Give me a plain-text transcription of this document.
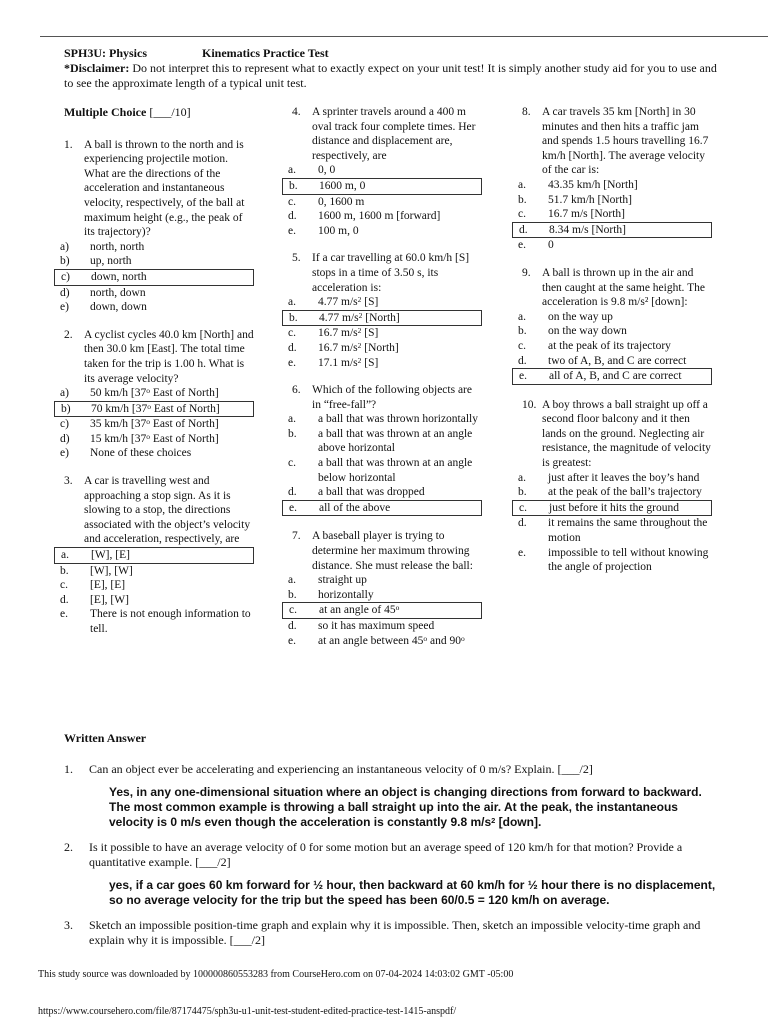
SPH3U: Physics	Kinematics Practice Test
*Disclaimer: Do not interpret this to represent what to exactly expect on your unit test! It is simply another study aid for you to use and to see the approximate length of a typical unit test.
Multiple Choice [___/10]
1. A ball is thrown to the north and is experiencing projectile motion. What are the directions of the acceleration and instantaneous velocity, respectively, of the ball at maximum height (e.g., the peak of its trajectory)?
a)	north, north
b)	up, north
c)	down, north
d)	north, down
e)	down, down
2. A cyclist cycles 40.0 km [North] and then 30.0 km [East]. The total time taken for the trip is 1.00 h. What is its average velocity?
a)	50 km/h [37$^o$ East of North]
b)	70 km/h [37$^o$ East of North]
c)	35 km/h [37$^o$ East of North]
d)	15 km/h [37$^o$ East of North]
e)	None of these choices
3. A car is travelling west and approaching a stop sign. As it is slowing to a stop, the directions associated with the object’s velocity and acceleration, respectively, are
a.	[W], [E]
b.	[W], [W]
c.	[E], [E]
d.	[E], [W]
e.	There is not enough information to tell.
4. A sprinter travels around a 400 m oval track four complete times. Her distance and displacement are, respectively, are
a.	0, 0
b.	1600 m, 0
c.	0, 1600 m
d.	1600 m, 1600 m [forward]
e.	100 m, 0
5. If a car travelling at 60.0 km/h [S] stops in a time of 3.50 s, its acceleration is:
a.	4.77 $m/s^2$ [S]
b.	4.77 $m/s^2$ [North]
c.	16.7 $m/s^2$ [S]
d.	16.7 $m/s^2$ [North]
e.	17.1 $m/s^2$ [S]
6. Which of the following objects are in “free-fall”?
a.	a ball that was thrown horizontally
b.	a ball that was thrown at an angle above horizontal
c.	a ball that was thrown at an angle below horizontal
d.	a ball that was dropped
e.	all of the above
7. A baseball player is trying to determine her maximum throwing distance. She must release the ball:
a.	straight up
b.	horizontally
c.	at an angle of 45$^o$
d.	so it has maximum speed
e.	at an angle between 45$^o$ and 90$^o$
8. A car travels 35 km [North] in 30 minutes and then hits a traffic jam and spends 1.5 hours travelling 16.7 km/h [North]. The average velocity of the car is:
a.	43.35 km/h [North]
b.	51.7 km/h [North]
c.	16.7 m/s [North]
d.	8.34 m/s [North]
e.	0
9. A ball is thrown up in the air and then caught at the same height. The acceleration is 9.8 m/s² [down]:
a.	on the way up
b.	on the way down
c.	at the peak of its trajectory
d.	two of A, B, and C are correct
e.	all of A, B, and C are correct
10. A boy throws a ball straight up off a second floor balcony and it then lands on the ground. Neglecting air resistance, the magnitude of velocity is greatest:
a.	just after it leaves the boy’s hand
b.	at the peak of the ball’s trajectory
c.	just before it hits the ground
d.	it remains the same throughout the motion
e.	impossible to tell without knowing the angle of projection
Written Answer
1.	Can an object ever be accelerating and experiencing an instantaneous velocity of 0 m/s? Explain. [___/2]
Yes, in any one-dimensional situation where an object is changing directions from forward to backward. The most common example is throwing a ball straight up into the air. At the peak, the instantaneous velocity is 0 m/s even though the acceleration is constantly 9.8 $m/s^2$ [down].
2.	Is it possible to have an average velocity of 0 for some motion but an average speed of 120 km/h for that motion? Provide a quantitative example. [___/2]
yes, if a car goes 60 km forward for ½ hour, then backward at 60 km/h for ½ hour there is no displacement, so no average velocity for the trip but the speed has been 60/0.5 = 120 km/h on average.
3.	Sketch an impossible position-time graph and explain why it is impossible. Then, sketch an impossible velocity-time graph and explain why it is impossible. [___/2]
This study source was downloaded by 100000860553283 from CourseHero.com on 07-04-2024 14:03:02 GMT -05:00
https://www.coursehero.com/file/87174475/sph3u-u1-unit-test-student-edited-practice-test-1415-anspdf/
